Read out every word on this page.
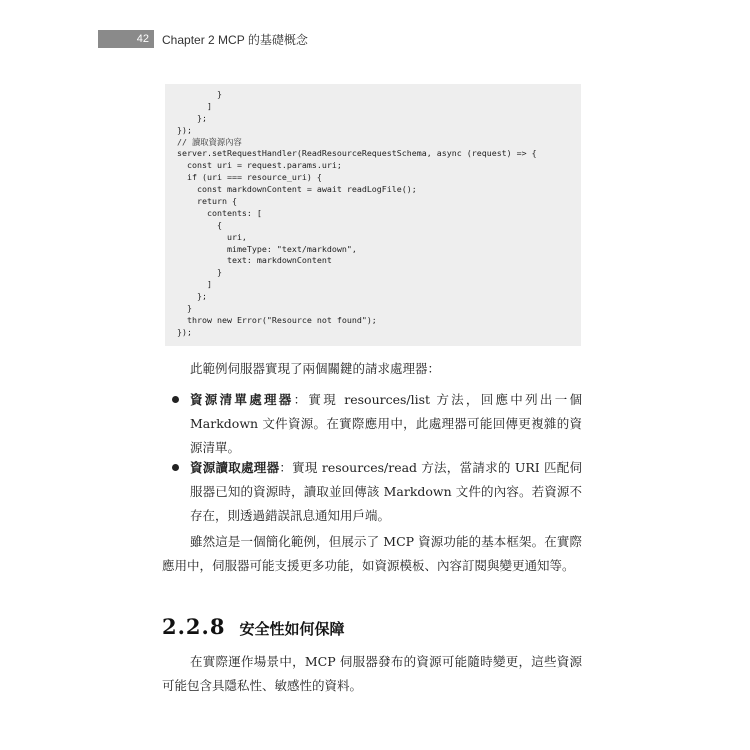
42 Chapter 2 MCP 的基礎概念
}
]
};
});
// 讀取資源內容
server.setRequestHandler(ReadResourceRequestSchema, async (request) => {
const uri = request.params.uri;
if (uri === resource_uri) {
const markdownContent = await readLogFile();
return {
contents: [
{
uri,
mimeType: "text/markdown",
text: markdownContent
}
]
};
}
throw new Error("Resource not found");
});
此範例伺服器實現了兩個關鍵的請求處理器：
資源清單處理器：實現 resources/list 方法，回應中列出一個 Markdown 文件資源。在實際應用中，此處理器可能回傳更複雜的資源清單。
資源讀取處理器：實現 resources/read 方法，當請求的 URI 匹配伺服器已知的資源時，讀取並回傳該 Markdown 文件的內容。若資源不存在，則透過錯誤訊息通知用戶端。
雖然這是一個簡化範例，但展示了 MCP 資源功能的基本框架。在實際應用中，伺服器可能支援更多功能，如資源模板、內容訂閱與變更通知等。
2.2.8 安全性如何保障
在實際運作場景中，MCP 伺服器發布的資源可能隨時變更，這些資源可能包含具隱私性、敏感性的資料。
